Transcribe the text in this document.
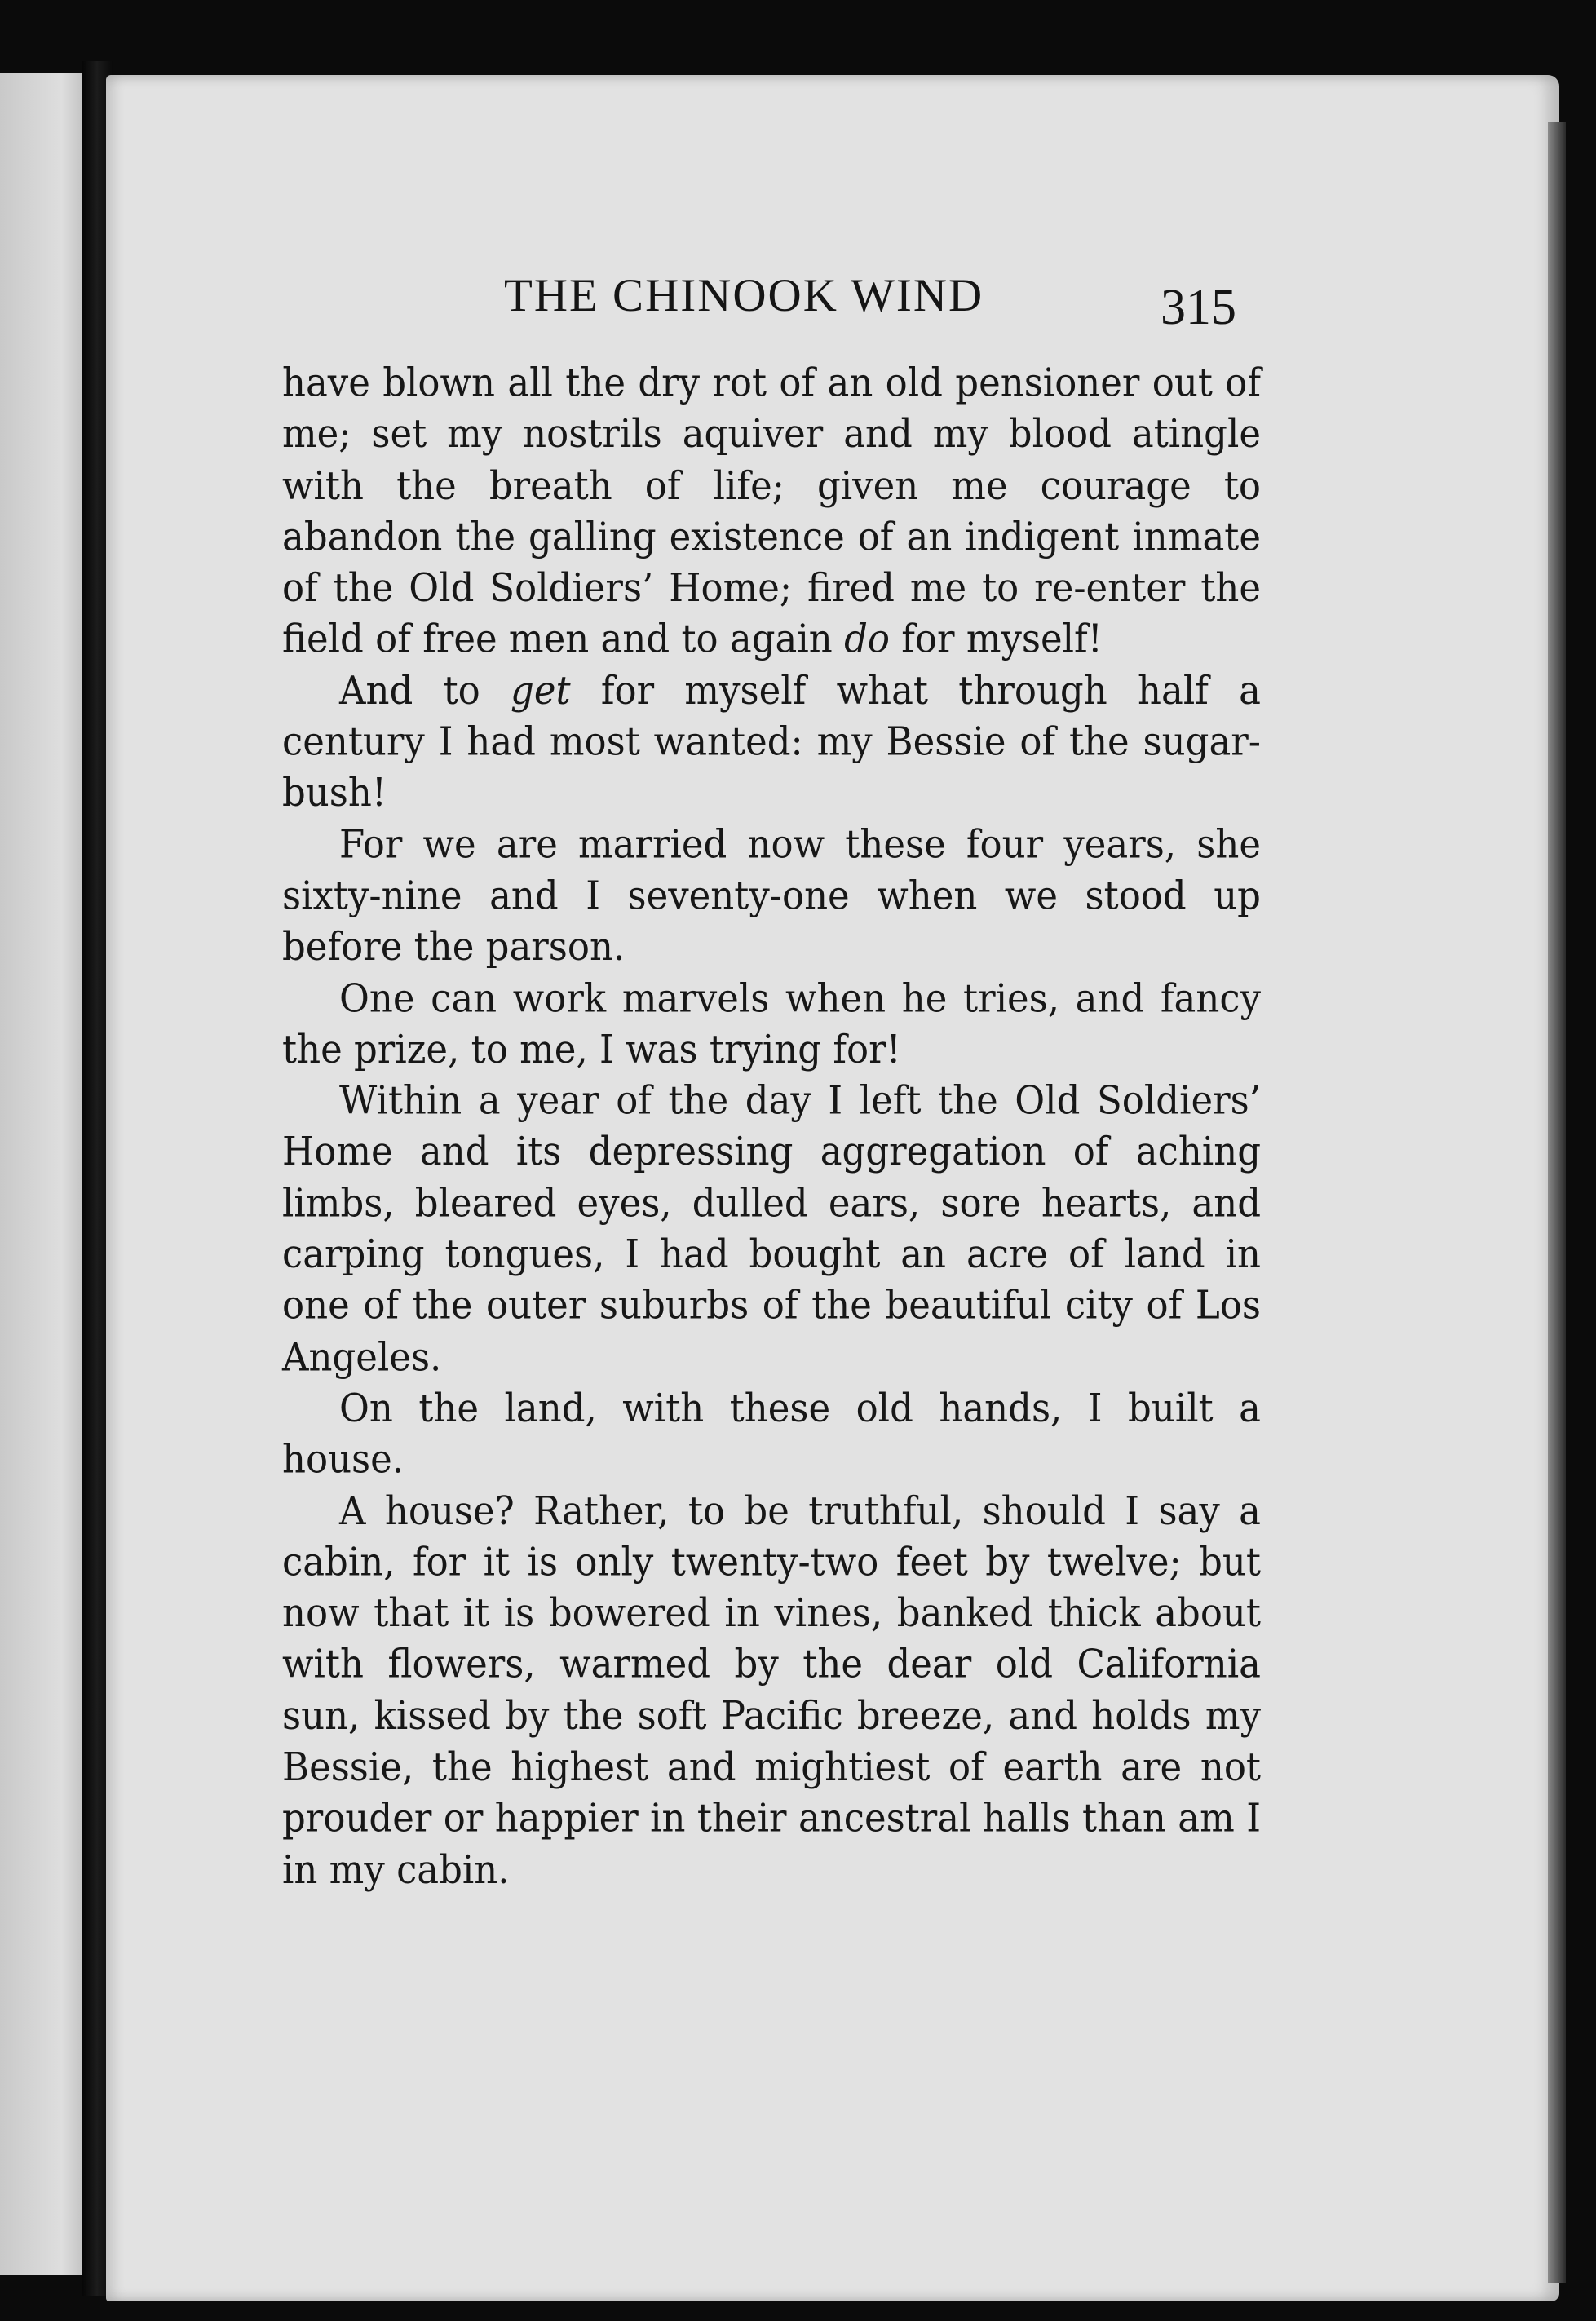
THE CHINOOK WIND	315

have blown all the dry rot of an old pensioner out of me; set my nostrils aquiver and my blood atingle with the breath of life; given me courage to abandon the galling existence of an indigent inmate of the Old Soldiers’ Home; fired me to re-enter the field of free men and to again do for myself!

And to get for myself what through half a century I had most wanted: my Bessie of the sugar-bush!

For we are married now these four years, she sixty-nine and I seventy-one when we stood up before the parson.

One can work marvels when he tries, and fancy the prize, to me, I was trying for!

Within a year of the day I left the Old Soldiers’ Home and its depressing aggregation of aching limbs, bleared eyes, dulled ears, sore hearts, and carping tongues, I had bought an acre of land in one of the outer suburbs of the beautiful city of Los Angeles.

On the land, with these old hands, I built a house.

A house? Rather, to be truthful, should I say a cabin, for it is only twenty-two feet by twelve; but now that it is bowered in vines, banked thick about with flowers, warmed by the dear old California sun, kissed by the soft Pacific breeze, and holds my Bessie, the highest and mightiest of earth are not prouder or happier in their ancestral halls than am I in my cabin.
